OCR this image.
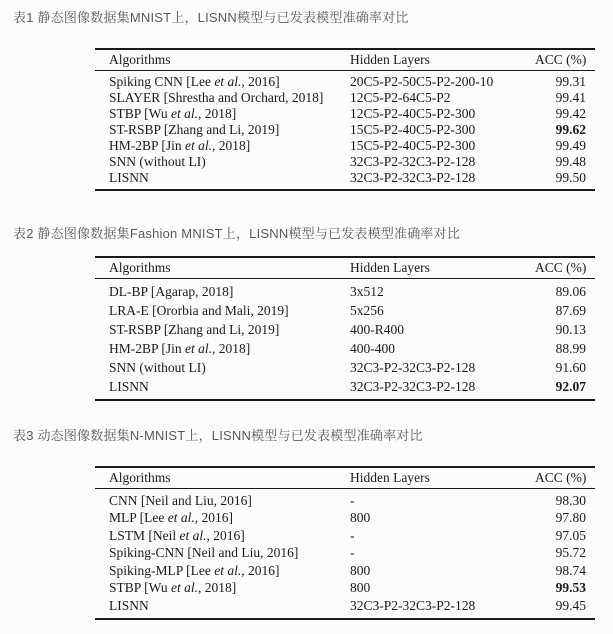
表1 静态图像数据集MNIST上，LISNN模型与已发表模型准确率对比

Algorithms	Hidden Layers	ACC (%)
Spiking CNN [Lee et al., 2016]	20C5-P2-50C5-P2-200-10	99.31
SLAYER [Shrestha and Orchard, 2018]	12C5-P2-64C5-P2	99.41
STBP [Wu et al., 2018]	12C5-P2-40C5-P2-300	99.42
ST-RSBP [Zhang and Li, 2019]	15C5-P2-40C5-P2-300	99.62
HM-2BP [Jin et al., 2018]	15C5-P2-40C5-P2-300	99.49
SNN (without LI)	32C3-P2-32C3-P2-128	99.48
LISNN	32C3-P2-32C3-P2-128	99.50

表2 静态图像数据集Fashion MNIST上，LISNN模型与已发表模型准确率对比

Algorithms	Hidden Layers	ACC (%)
DL-BP [Agarap, 2018]	3x512	89.06
LRA-E [Ororbia and Mali, 2019]	5x256	87.69
ST-RSBP [Zhang and Li, 2019]	400-R400	90.13
HM-2BP [Jin et al., 2018]	400-400	88.99
SNN (without LI)	32C3-P2-32C3-P2-128	91.60
LISNN	32C3-P2-32C3-P2-128	92.07

表3 动态图像数据集N-MNIST上，LISNN模型与已发表模型准确率对比

Algorithms	Hidden Layers	ACC (%)
CNN [Neil and Liu, 2016]	-	98.30
MLP [Lee et al., 2016]	800	97.80
LSTM [Neil et al., 2016]	-	97.05
Spiking-CNN [Neil and Liu, 2016]	-	95.72
Spiking-MLP [Lee et al., 2016]	800	98.74
STBP [Wu et al., 2018]	800	99.53
LISNN	32C3-P2-32C3-P2-128	99.45
